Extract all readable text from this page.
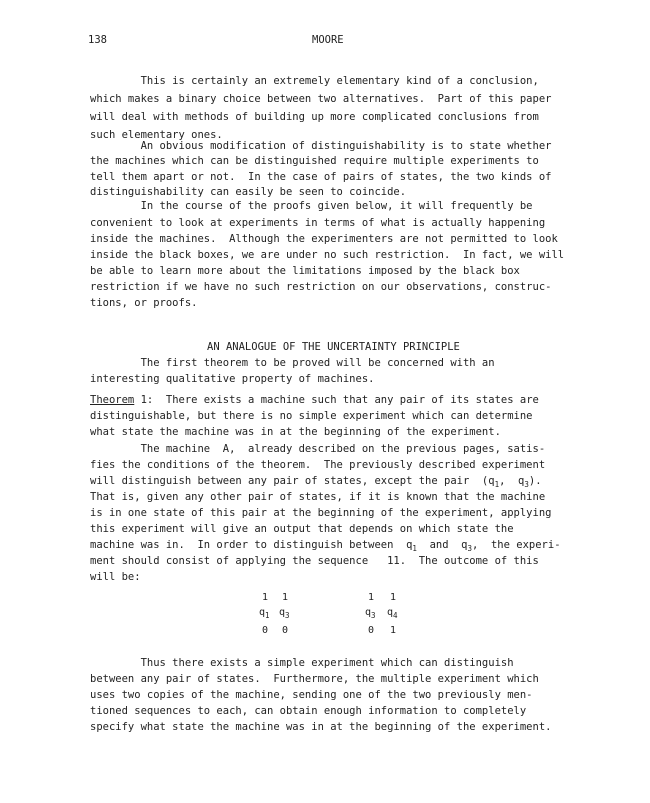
138	MOORE
This is certainly an extremely elementary kind of a conclusion,
which makes a binary choice between two alternatives.  Part of this paper
will deal with methods of building up more complicated conclusions from
such elementary ones.
An obvious modification of distinguishability is to state whether
the machines which can be distinguished require multiple experiments to
tell them apart or not.  In the case of pairs of states, the two kinds of
distinguishability can easily be seen to coincide.
In the course of the proofs given below, it will frequently be
convenient to look at experiments in terms of what is actually happening
inside the machines.  Although the experimenters are not permitted to look
inside the black boxes, we are under no such restriction.  In fact, we will
be able to learn more about the limitations imposed by the black box
restriction if we have no such restriction on our observations, construc-
tions, or proofs.
AN ANALOGUE OF THE UNCERTAINTY PRINCIPLE
The first theorem to be proved will be concerned with an
interesting qualitative property of machines.
Theorem 1:  There exists a machine such that any pair of its states are
distinguishable, but there is no simple experiment which can determine
what state the machine was in at the beginning of the experiment.
The machine  A,  already described on the previous pages, satis-
fies the conditions of the theorem.  The previously described experiment
will distinguish between any pair of states, except the pair  ($q_1$,  $q_3$).
That is, given any other pair of states, if it is known that the machine
is in one state of this pair at the beginning of the experiment, applying
this experiment will give an output that depends on which state the
machine was in.  In order to distinguish between  $q_1$  and  $q_3$,  the experi-
ment should consist of applying the sequence   11.  The outcome of this
will be:
1 1
$q_1$ $q_3$
0 0
1 1
$q_3$ $q_4$
0 1
Thus there exists a simple experiment which can distinguish
between any pair of states.  Furthermore, the multiple experiment which
uses two copies of the machine, sending one of the two previously men-
tioned sequences to each, can obtain enough information to completely
specify what state the machine was in at the beginning of the experiment.
